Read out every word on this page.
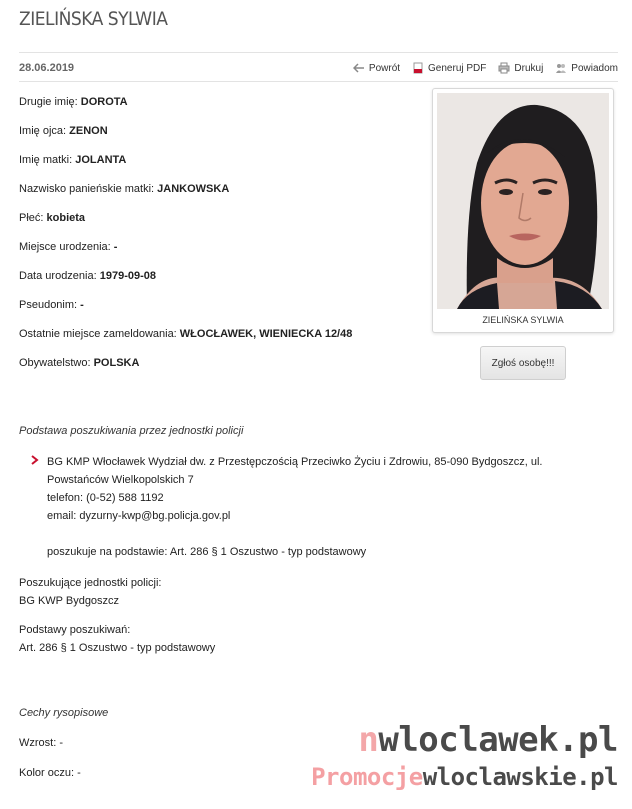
ZIELIŃSKA SYLWIA
28.06.2019	Powrót	Generuj PDF	Drukuj	Powiadom
Drugie imię: DOROTA
Imię ojca: ZENON
Imię matki: JOLANTA
Nazwisko panieńskie matki: JANKOWSKA
Płeć: kobieta
Miejsce urodzenia: -
Data urodzenia: 1979-09-08
Pseudonim: -
Ostatnie miejsce zameldowania: WŁOCŁAWEK, WIENIECKA 12/48
Obywatelstwo: POLSKA
ZIELIŃSKA SYLWIA
Zgłoś osobę!!!
Podstawa poszukiwania przez jednostki policji
BG KMP Włocławek Wydział dw. z Przestępczością Przeciwko Życiu i Zdrowiu, 85-090 Bydgoszcz, ul.
Powstańców Wielkopolskich 7
telefon: (0-52) 588 1192
email: dyzurny-kwp@bg.policja.gov.pl
poszukuje na podstawie: Art. 286 § 1 Oszustwo - typ podstawowy
Poszukujące jednostki policji:
BG KWP Bydgoszcz
Podstawy poszukiwań:
Art. 286 § 1 Oszustwo - typ podstawowy
Cechy rysopisowe
Wzrost: -
Kolor oczu: -
nwloclawek.pl
Promocjewloclawskie.pl
